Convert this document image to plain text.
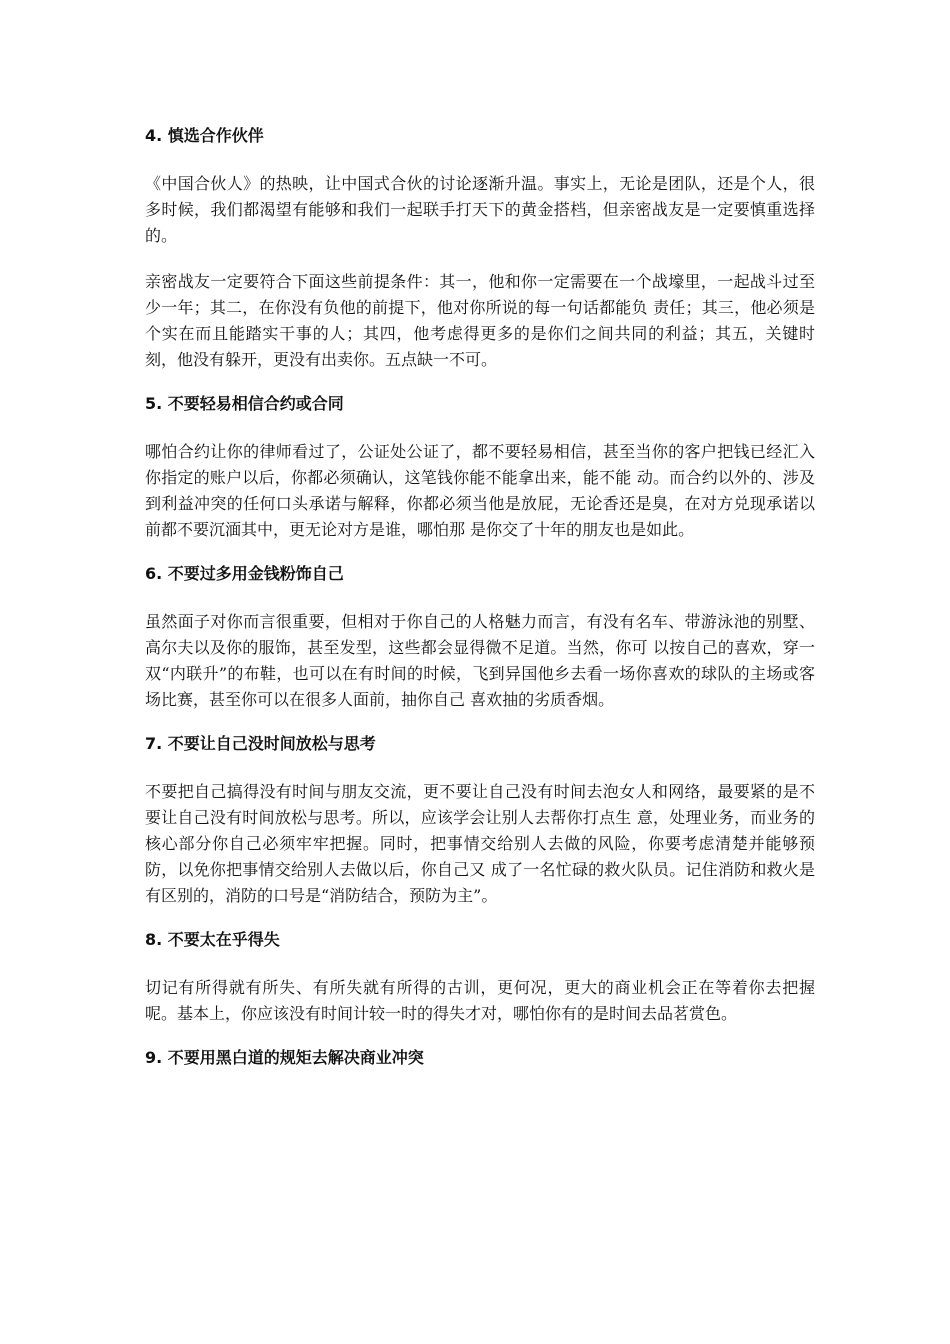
4. 慎选合作伙伴

《中国合伙人》的热映，让中国式合伙的讨论逐渐升温。事实上，无论是团队，还是个人，很多时候，我们都渴望有能够和我们一起联手打天下的黄金搭档，但亲密战友是一定要慎重选择的。

亲密战友一定要符合下面这些前提条件：其一，他和你一定需要在一个战壕里，一起战斗过至少一年；其二，在你没有负他的前提下，他对你所说的每一句话都能负 责任；其三，他必须是个实在而且能踏实干事的人；其四，他考虑得更多的是你们之间共同的利益；其五，关键时刻，他没有躲开，更没有出卖你。五点缺一不可。

5. 不要轻易相信合约或合同

哪怕合约让你的律师看过了，公证处公证了，都不要轻易相信，甚至当你的客户把钱已经汇入你指定的账户以后，你都必须确认，这笔钱你能不能拿出来，能不能 动。而合约以外的、涉及到利益冲突的任何口头承诺与解释，你都必须当他是放屁，无论香还是臭，在对方兑现承诺以前都不要沉湎其中，更无论对方是谁，哪怕那 是你交了十年的朋友也是如此。

6. 不要过多用金钱粉饰自己

虽然面子对你而言很重要，但相对于你自己的人格魅力而言，有没有名车、带游泳池的别墅、高尔夫以及你的服饰，甚至发型，这些都会显得微不足道。当然，你可 以按自己的喜欢，穿一双“内联升”的布鞋，也可以在有时间的时候，飞到异国他乡去看一场你喜欢的球队的主场或客场比赛，甚至你可以在很多人面前，抽你自己 喜欢抽的劣质香烟。

7. 不要让自己没时间放松与思考

不要把自己搞得没有时间与朋友交流，更不要让自己没有时间去泡女人和网络，最要紧的是不要让自己没有时间放松与思考。所以，应该学会让别人去帮你打点生 意，处理业务，而业务的核心部分你自己必须牢牢把握。同时，把事情交给别人去做的风险，你要考虑清楚并能够预防，以免你把事情交给别人去做以后，你自己又 成了一名忙碌的救火队员。记住消防和救火是有区别的，消防的口号是“消防结合，预防为主”。

8. 不要太在乎得失

切记有所得就有所失、有所失就有所得的古训，更何况，更大的商业机会正在等着你去把握呢。基本上，你应该没有时间计较一时的得失才对，哪怕你有的是时间去品茗赏色。

9. 不要用黑白道的规矩去解决商业冲突
